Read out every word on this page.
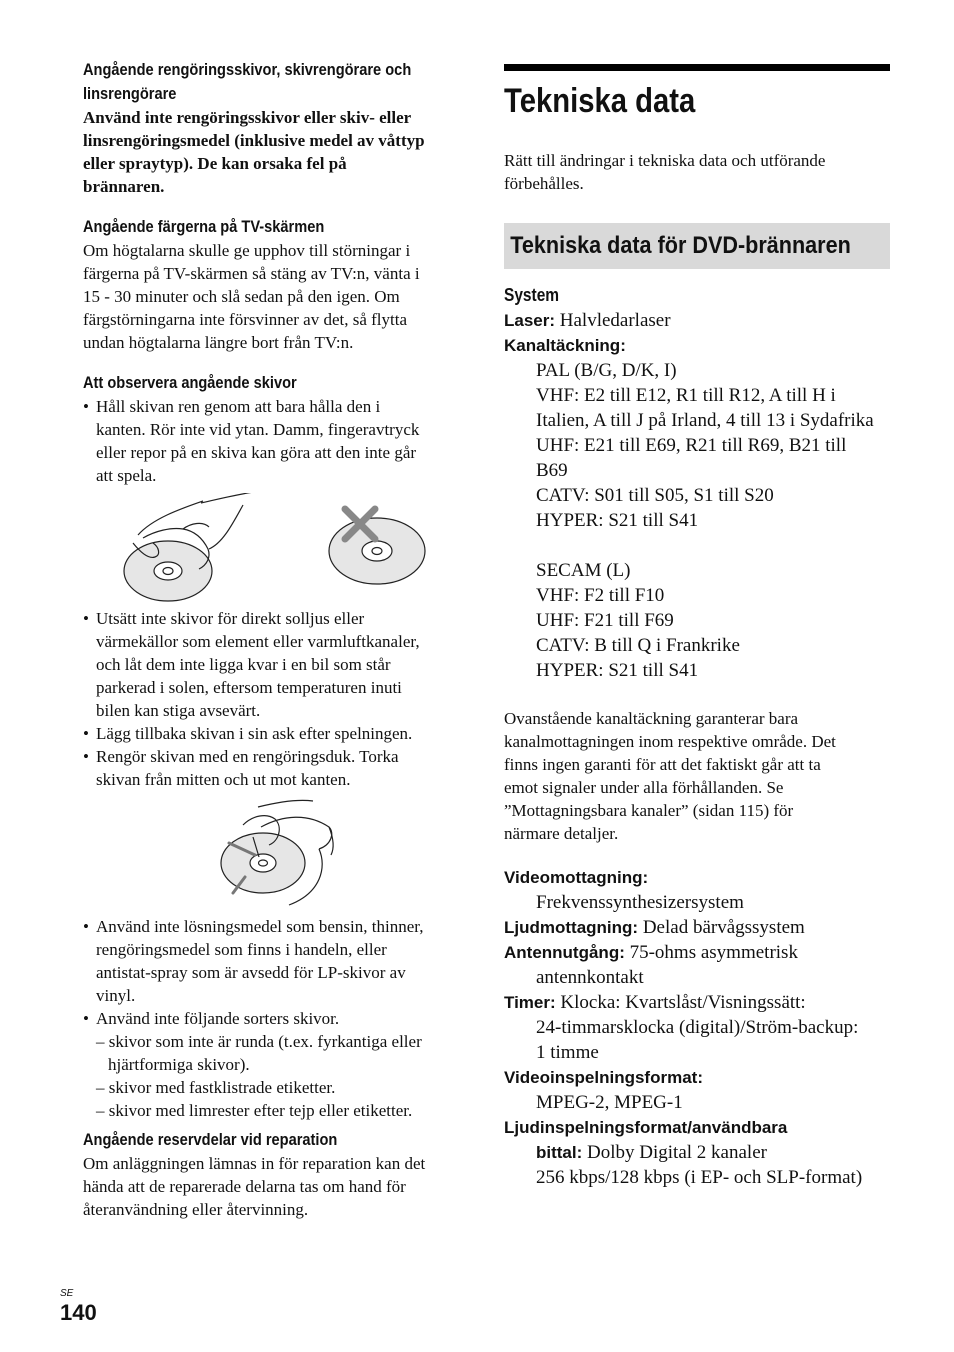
Angående rengöringsskivor, skivrengörare och

linsrengörare

Använd inte rengöringsskivor eller skiv- eller

linsrengöringsmedel (inklusive medel av våttyp

eller spraytyp). De kan orsaka fel på

brännaren.

Angående färgerna på TV-skärmen

Om högtalarna skulle ge upphov till störningar i

färgerna på TV-skärmen så stäng av TV:n, vänta i

15 - 30 minuter och slå sedan på den igen. Om

färgstörningarna inte försvinner av det, så flytta

undan högtalarna längre bort från TV:n.

Att observera angående skivor

• Håll skivan ren genom att bara hålla den i
kanten. Rör inte vid ytan. Damm, fingeravtryck
eller repor på en skiva kan göra att den inte går
att spela.
• Utsätt inte skivor för direkt solljus eller
värmekällor som element eller varmluftkanaler,
och låt dem inte ligga kvar i en bil som står
parkerad i solen, eftersom temperaturen inuti
bilen kan stiga avsevärt.
• Lägg tillbaka skivan i sin ask efter spelningen.
• Rengör skivan med en rengöringsduk. Torka
skivan från mitten och ut mot kanten.
• Använd inte lösningsmedel som bensin, thinner,
rengöringsmedel som finns i handeln, eller
antistat-spray som är avsedd för LP-skivor av
vinyl.
• Använd inte följande sorters skivor.
– skivor som inte är runda (t.ex. fyrkantiga eller
hjärtformiga skivor).
– skivor med fastklistrade etiketter.
– skivor med limrester efter tejp eller etiketter.

Angående reservdelar vid reparation

Om anläggningen lämnas in för reparation kan det

hända att de reparerade delarna tas om hand för

återanvändning eller återvinning.

Tekniska data

Rätt till ändringar i tekniska data och utförande

förbehålles.

Tekniska data för DVD-brännaren

System

Laser: Halvledarlaser

Kanaltäckning:

PAL (B/G, D/K, I)

VHF: E2 till E12, R1 till R12, A till H i

Italien, A till J på Irland, 4 till 13 i Sydafrika

UHF: E21 till E69, R21 till R69, B21 till

B69

CATV: S01 till S05, S1 till S20

HYPER: S21 till S41

SECAM (L)

VHF: F2 till F10

UHF: F21 till F69

CATV: B till Q i Frankrike

HYPER: S21 till S41

Ovanstående kanaltäckning garanterar bara

kanalmottagningen inom respektive område. Det

finns ingen garanti för att det faktiskt går att ta

emot signaler under alla förhållanden. Se

”Mottagningsbara kanaler” (sidan 115) för

närmare detaljer.

Videomottagning:

Frekvenssynthesizersystem

Ljudmottagning: Delad bärvågssystem

Antennutgång: 75-ohms asymmetrisk

antennkontakt

Timer: Klocka: Kvartslåst/Visningssätt:

24-timmarsklocka (digital)/Ström-backup:

1 timme

Videoinspelningsformat:

MPEG-2, MPEG-1

Ljudinspelningsformat/användbara

bittal: Dolby Digital 2 kanaler

256 kbps/128 kbps (i EP- och SLP-format)

SE
140
